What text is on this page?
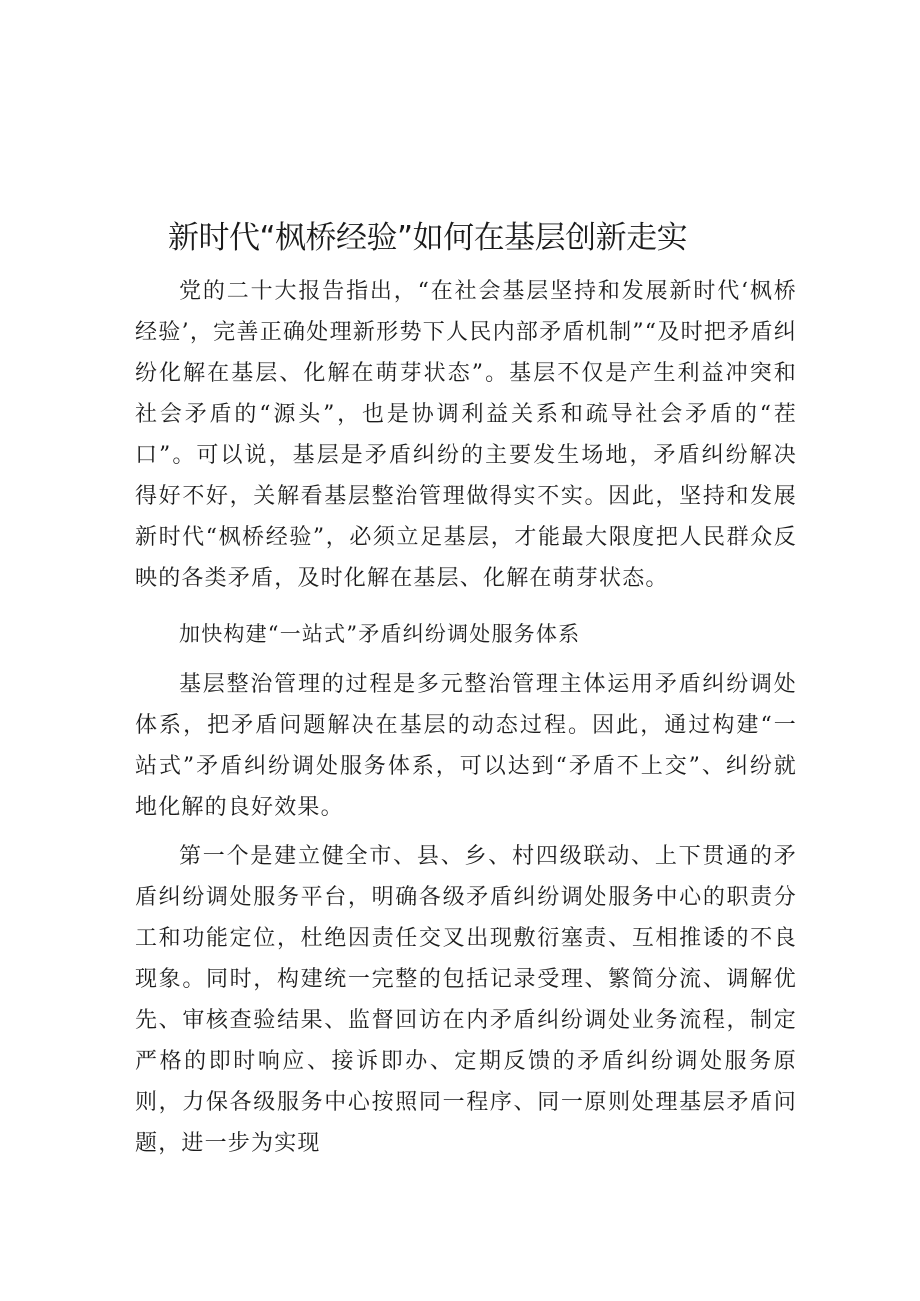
新时代“枫桥经验”如何在基层创新走实

党的二十大报告指出，“在社会基层坚持和发展新时代‘枫桥经验’，完善正确处理新形势下人民内部矛盾机制”“及时把矛盾纠纷化解在基层、化解在萌芽状态”。基层不仅是产生利益冲突和社会矛盾的“源头”，也是协调利益关系和疏导社会矛盾的“茬口”。可以说，基层是矛盾纠纷的主要发生场地，矛盾纠纷解决得好不好，关解看基层整治管理做得实不实。因此，坚持和发展新时代“枫桥经验”，必须立足基层，才能最大限度把人民群众反映的各类矛盾，及时化解在基层、化解在萌芽状态。

加快构建“一站式”矛盾纠纷调处服务体系

基层整治管理的过程是多元整治管理主体运用矛盾纠纷调处体系，把矛盾问题解决在基层的动态过程。因此，通过构建“一站式”矛盾纠纷调处服务体系，可以达到“矛盾不上交”、纠纷就地化解的良好效果。

第一个是建立健全市、县、乡、村四级联动、上下贯通的矛盾纠纷调处服务平台，明确各级矛盾纠纷调处服务中心的职责分工和功能定位，杜绝因责任交叉出现敷衍塞责、互相推诿的不良现象。同时，构建统一完整的包括记录受理、繁简分流、调解优先、审核查验结果、监督回访在内矛盾纠纷调处业务流程，制定严格的即时响应、接诉即办、定期反馈的矛盾纠纷调处服务原则，力保各级服务中心按照同一程序、同一原则处理基层矛盾问题，进一步为实现
